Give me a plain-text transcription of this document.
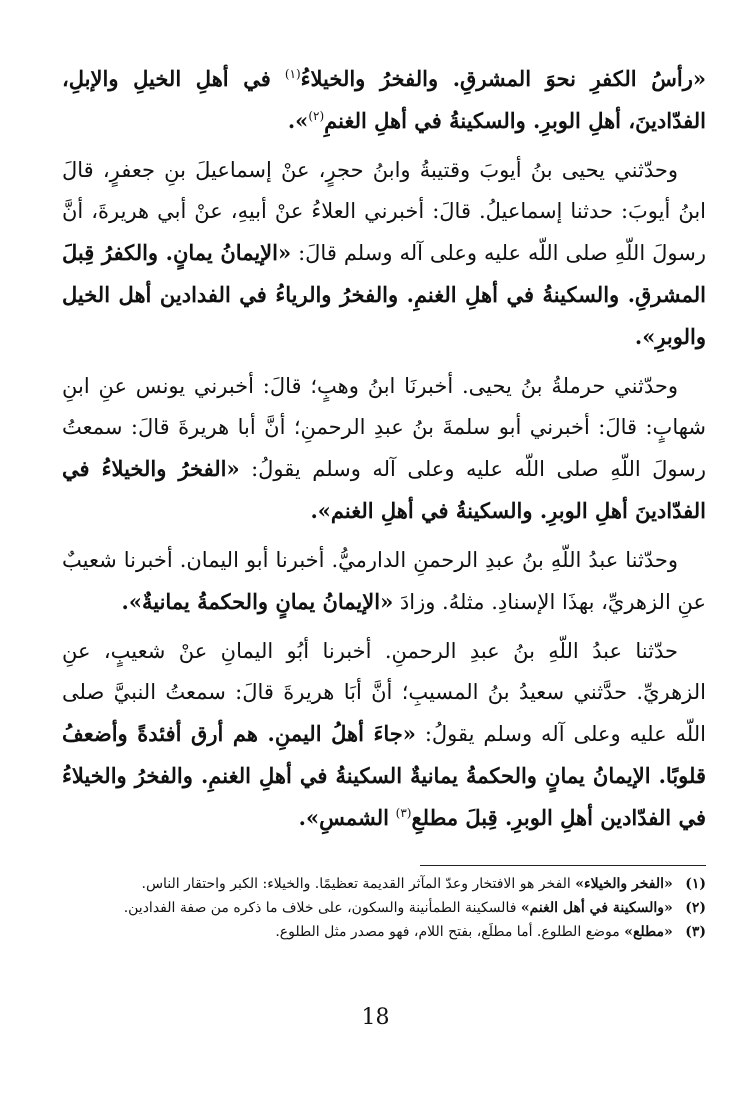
«رأسُ الكفرِ نحوَ المشرقِ. والفخرُ والخيلاءُ$^{(١)}$ في أهلِ الخيلِ والإبلِ، الفدّادينَ، أهلِ الوبرِ. والسكينةُ في أهلِ الغنمِ$^{(٢)}$».

وحدّثني يحيى بنُ أيوبَ وقتيبةُ وابنُ حجرٍ، عنْ إسماعيلَ بنِ جعفرٍ، قالَ ابنُ أيوبَ: حدثنا إسماعيلُ. قالَ: أخبرني العلاءُ عنْ أبيهِ، عنْ أبي هريرةَ، أنَّ رسولَ اللّهِ صلى اللّه عليه وعلى آله وسلم قالَ: «الإيمانُ يمانٍ. والكفرُ قِبلَ المشرقِ. والسكينةُ في أهلِ الغنمِ. والفخرُ والرياءُ في الفدادين أهل الخيل والوبرِ».

وحدّثني حرملةُ بنُ يحيى. أخبرنَا ابنُ وهبٍ؛ قالَ: أخبرني يونس عنِ ابنِ شهابٍ: قالَ: أخبرني أبو سلمةَ بنُ عبدِ الرحمنِ؛ أنَّ أبا هريرةَ قالَ: سمعتُ رسولَ اللّهِ صلى اللّه عليه وعلى آله وسلم يقولُ: «الفخرُ والخيلاءُ في الفدّادينَ أهلِ الوبرِ. والسكينةُ في أهلِ الغنم».

وحدّثنا عبدُ اللّهِ بنُ عبدِ الرحمنِ الدارميُّ. أخبرنا أبو اليمان. أخبرنا شعيبٌ عنِ الزهريِّ، بهذَا الإسنادِ. مثلهُ. وزادَ «الإيمانُ يمانٍ والحكمةُ يمانيةٌ».

حدّثنا عبدُ اللّهِ بنُ عبدِ الرحمنِ. أخبرنا أبُو اليمانِ عنْ شعيبٍ، عنِ الزهريِّ. حدَّثني سعيدُ بنُ المسيبِ؛ أنَّ أبَا هريرةَ قالَ: سمعتُ النبيَّ صلى اللّه عليه وعلى آله وسلم يقولُ: «جاءَ أهلُ اليمنِ. هم أرق أفئدةً وأضعفُ قلوبًا. الإيمانُ يمانٍ والحكمةُ يمانيةٌ السكينةُ في أهلِ الغنمِ. والفخرُ والخيلاءُ في الفدّادين أهلِ الوبرِ. قِبلَ مطلعِ$^{(٣)}$ الشمسِ».

(١) «الفخر والخيلاء» الفخر هو الافتخار وعدّ المآثر القديمة تعظيمًا. والخيلاء: الكبر واحتقار الناس.

(٢) «والسكينة في أهل الغنم» فالسكينة الطمأنينة والسكون، على خلاف ما ذكره من صفة الفدادين.

(٣) «مطلع» موضع الطلوع. أما مطلَع، بفتح اللام، فهو مصدر مثل الطلوع.

18
